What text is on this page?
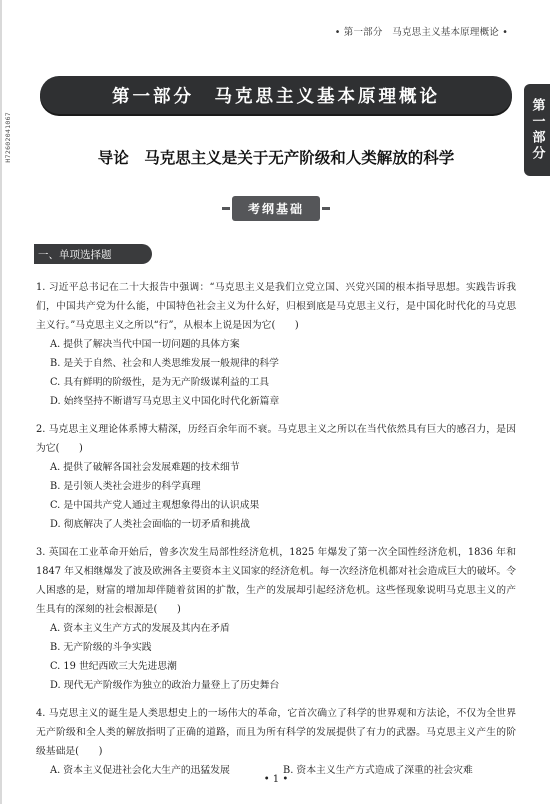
• 第一部分　马克思主义基本原理概论 •
H72602041067	第一部分
第一部分　马克思主义基本原理概论
导论　马克思主义是关于无产阶级和人类解放的科学
考纲基础
一、单项选择题
1. 习近平总书记在二十大报告中强调：“马克思主义是我们立党立国、兴党兴国的根本指导思想。实践告诉我们，中国共产党为什么能，中国特色社会主义为什么好，归根到底是马克思主义行，是中国化时代化的马克思主义行。”马克思主义之所以“行”，从根本上说是因为它(　　)
A. 提供了解决当代中国一切问题的具体方案
B. 是关于自然、社会和人类思维发展一般规律的科学
C. 具有鲜明的阶级性，是为无产阶级谋利益的工具
D. 始终坚持不断谱写马克思主义中国化时代化新篇章
2. 马克思主义理论体系博大精深，历经百余年而不衰。马克思主义之所以在当代依然具有巨大的感召力，是因为它(　　)
A. 提供了破解各国社会发展难题的技术细节
B. 是引领人类社会进步的科学真理
C. 是中国共产党人通过主观想象得出的认识成果
D. 彻底解决了人类社会面临的一切矛盾和挑战
3. 英国在工业革命开始后，曾多次发生局部性经济危机，1825 年爆发了第一次全国性经济危机，1836 年和 1847 年又相继爆发了波及欧洲各主要资本主义国家的经济危机。每一次经济危机都对社会造成巨大的破坏。令人困惑的是，财富的增加却伴随着贫困的扩散，生产的发展却引起经济危机。这些怪现象说明马克思主义的产生具有的深刻的社会根源是(　　)
A. 资本主义生产方式的发展及其内在矛盾
B. 无产阶级的斗争实践
C. 19 世纪西欧三大先进思潮
D. 现代无产阶级作为独立的政治力量登上了历史舞台
4. 马克思主义的诞生是人类思想史上的一场伟大的革命，它首次确立了科学的世界观和方法论，不仅为全世界无产阶级和全人类的解放指明了正确的道路，而且为所有科学的发展提供了有力的武器。马克思主义产生的阶级基础是(　　)
A. 资本主义促进社会化大生产的迅猛发展	B. 资本主义生产方式造成了深重的社会灾难
• 1 •
